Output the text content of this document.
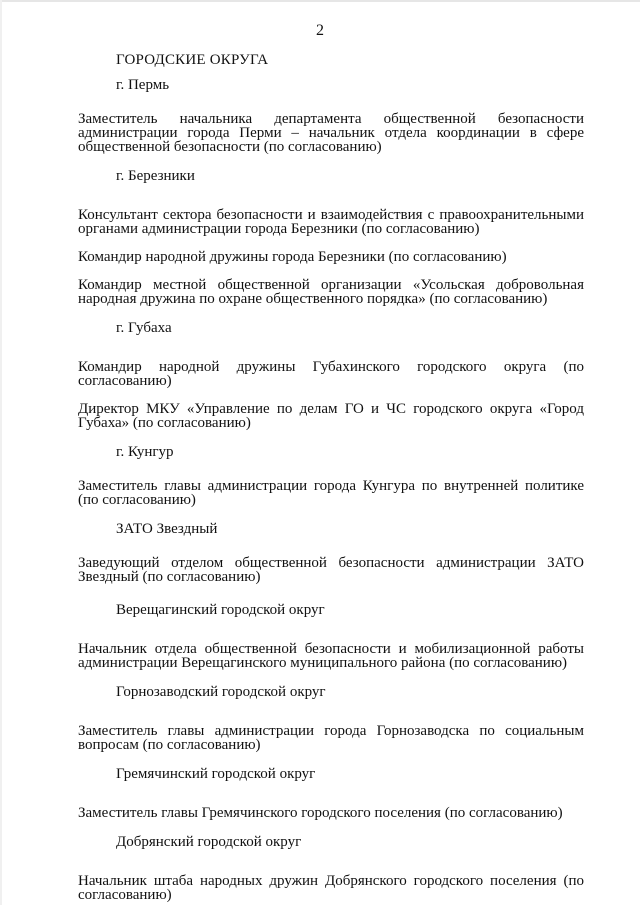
2
ГОРОДСКИЕ ОКРУГА
г. Пермь
Заместитель начальника департамента общественной безопасности администрации города Перми – начальник отдела координации в сфере общественной безопасности (по согласованию)
г. Березники
Консультант сектора безопасности и взаимодействия с правоохранительными органами администрации города Березники (по согласованию)
Командир народной дружины города Березники (по согласованию)
Командир местной общественной организации «Усольская добровольная народная дружина по охране общественного порядка» (по согласованию)
г. Губаха
Командир народной дружины Губахинского городского округа (по согласованию)
Директор МКУ «Управление по делам ГО и ЧС городского округа «Город Губаха» (по согласованию)
г. Кунгур
Заместитель главы администрации города Кунгура по внутренней политике (по согласованию)
ЗАТО Звездный
Заведующий отделом общественной безопасности администрации ЗАТО Звездный (по согласованию)
Верещагинский городской округ
Начальник отдела общественной безопасности и мобилизационной работы администрации Верещагинского муниципального района (по согласованию)
Горнозаводский городской округ
Заместитель главы администрации города Горнозаводска по социальным вопросам (по согласованию)
Гремячинский городской округ
Заместитель главы Гремячинского городского поселения (по согласованию)
Добрянский городской округ
Начальник штаба народных дружин Добрянского городского поселения (по согласованию)
